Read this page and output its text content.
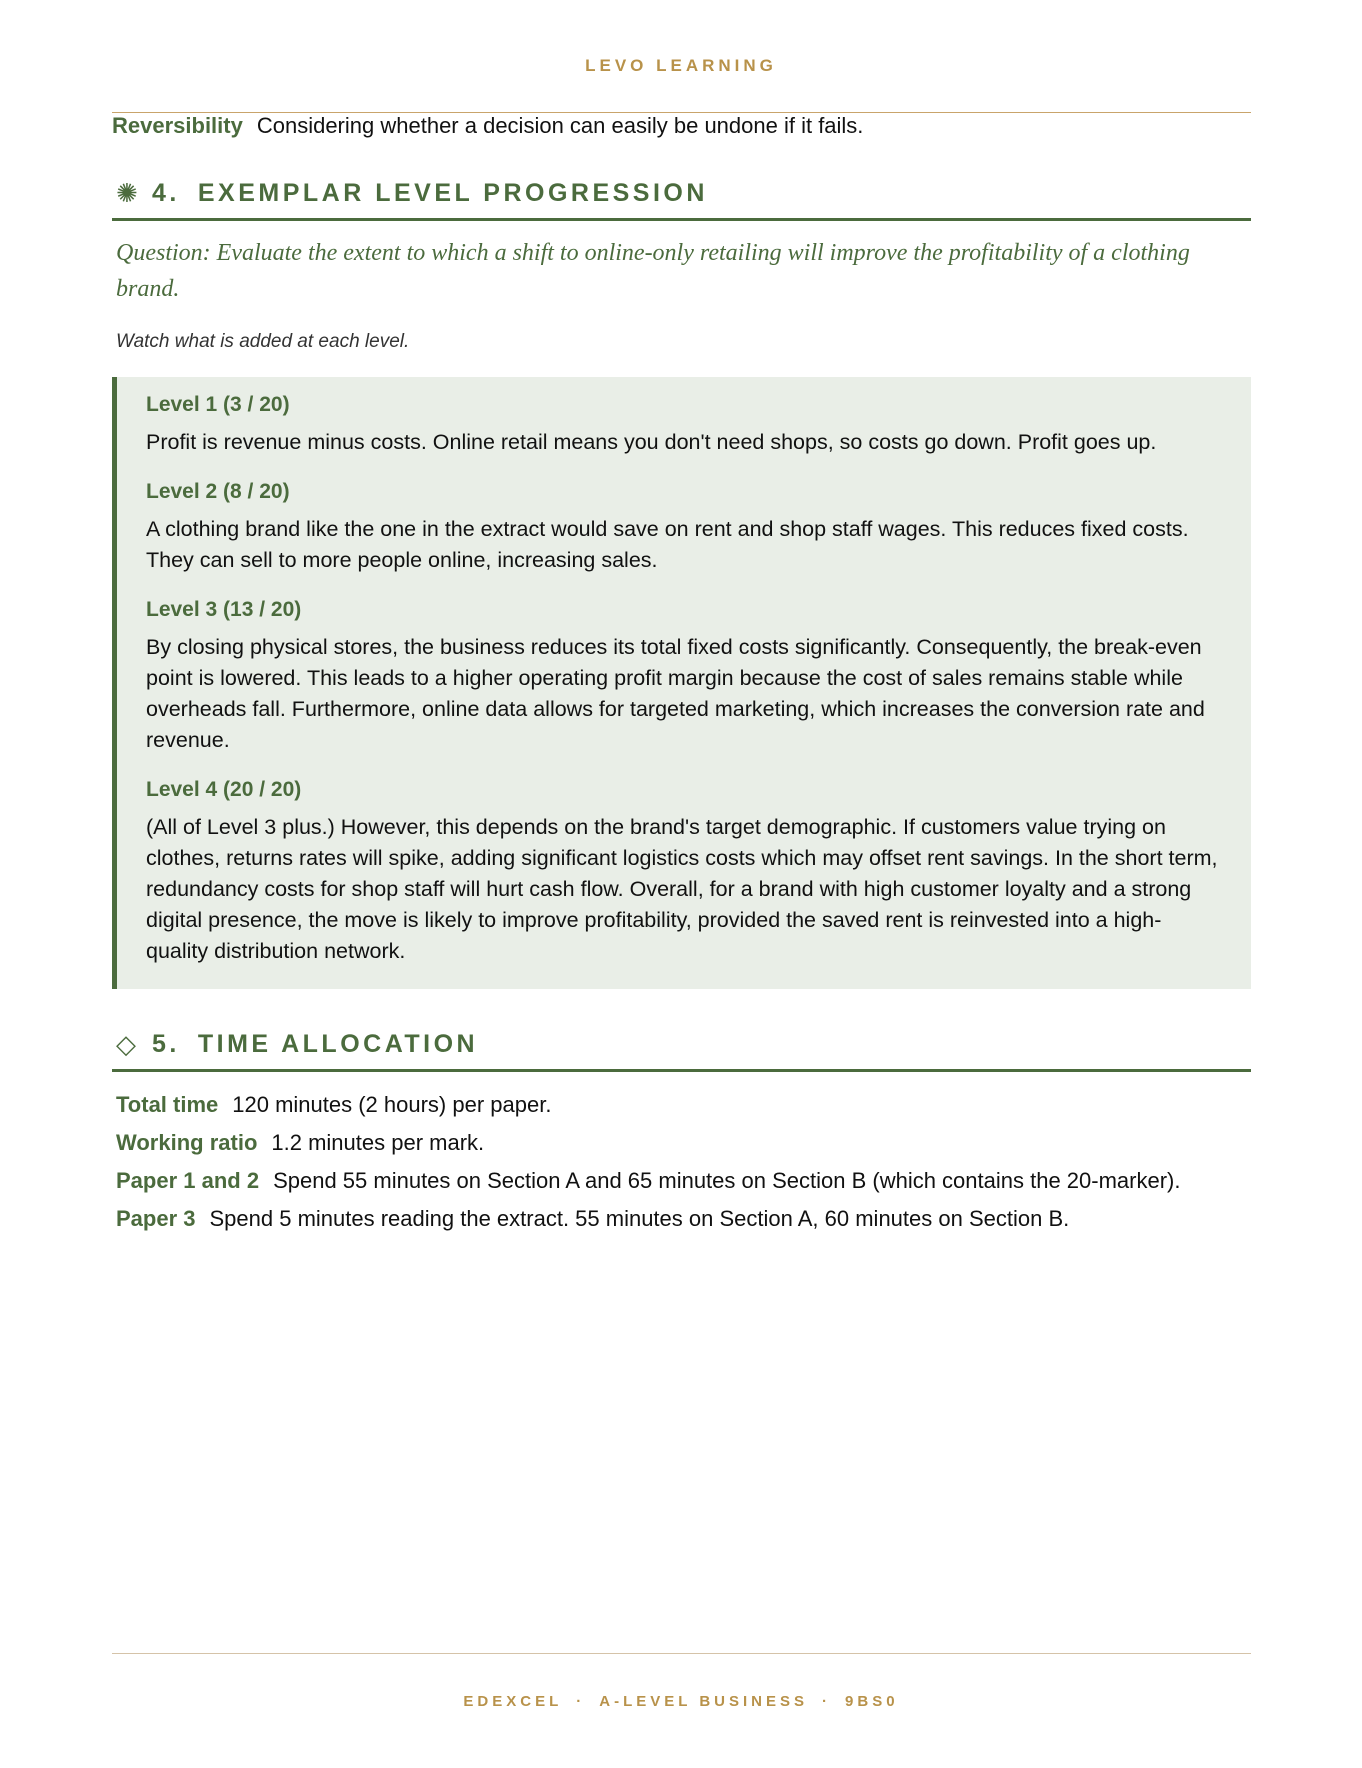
LEVO LEARNING

Reversibility Considering whether a decision can easily be undone if it fails.

✺ 4. EXEMPLAR LEVEL PROGRESSION
Question: Evaluate the extent to which a shift to online-only retailing will improve the profitability of a clothing brand.
Watch what is added at each level.
Level 1 (3 / 20)
Profit is revenue minus costs. Online retail means you don't need shops, so costs go down. Profit goes up.
Level 2 (8 / 20)
A clothing brand like the one in the extract would save on rent and shop staff wages. This reduces fixed costs. They can sell to more people online, increasing sales.
Level 3 (13 / 20)
By closing physical stores, the business reduces its total fixed costs significantly. Consequently, the break-even point is lowered. This leads to a higher operating profit margin because the cost of sales remains stable while overheads fall. Furthermore, online data allows for targeted marketing, which increases the conversion rate and revenue.
Level 4 (20 / 20)
(All of Level 3 plus.) However, this depends on the brand's target demographic. If customers value trying on clothes, returns rates will spike, adding significant logistics costs which may offset rent savings. In the short term, redundancy costs for shop staff will hurt cash flow. Overall, for a brand with high customer loyalty and a strong digital presence, the move is likely to improve profitability, provided the saved rent is reinvested into a high-quality distribution network.
◇ 5. TIME ALLOCATION

Total time 120 minutes (2 hours) per paper.

Working ratio 1.2 minutes per mark.

Paper 1 and 2 Spend 55 minutes on Section A and 65 minutes on Section B (which contains the 20-marker).

Paper 3 Spend 5 minutes reading the extract. 55 minutes on Section A, 60 minutes on Section B.

EDEXCEL · A-LEVEL BUSINESS · 9BS0
